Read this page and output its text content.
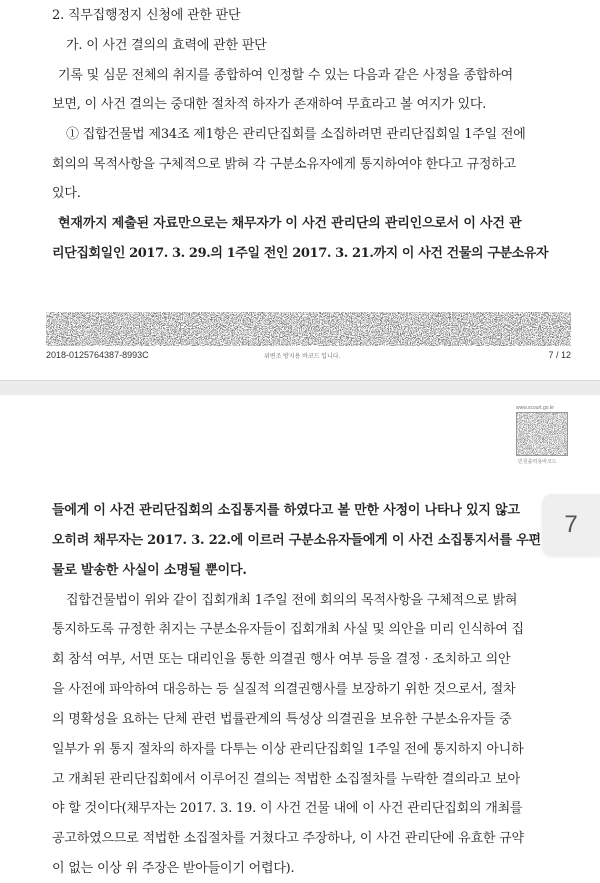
2. 직무집행정지 신청에 관한 판단
가. 이 사건 결의의 효력에 관한 판단
기록 및 심문 전체의 취지를 종합하여 인정할 수 있는 다음과 같은 사정을 종합하여
보면, 이 사건 결의는 중대한 절차적 하자가 존재하여 무효라고 볼 여지가 있다.
① 집합건물법 제34조 제1항은 관리단집회를 소집하려면 관리단집회일 1주일 전에
회의의 목적사항을 구체적으로 밝혀 각 구분소유자에게 통지하여야 한다고 규정하고
있다.
현재까지 제출된 자료만으로는 채무자가 이 사건 관리단의 관리인으로서 이 사건 관
리단집회일인 2017. 3. 29.의 1주일 전인 2017. 3. 21.까지 이 사건 건물의 구분소유자
2018-0125764387-8993C	위변조 방지용 바코드 입니다.	7 / 12
www.scourt.go.kr
민원출력용바코드
들에게 이 사건 관리단집회의 소집통지를 하였다고 볼 만한 사정이 나타나 있지 않고
오히려 채무자는 2017. 3. 22.에 이르러 구분소유자들에게 이 사건 소집통지서를 우편
물로 발송한 사실이 소명될 뿐이다.
집합건물법이 위와 같이 집회개최 1주일 전에 회의의 목적사항을 구체적으로 밝혀
통지하도록 규정한 취지는 구분소유자들이 집회개최 사실 및 의안을 미리 인식하여 집
회 참석 여부, 서면 또는 대리인을 통한 의결권 행사 여부 등을 결정 · 조치하고 의안
을 사전에 파악하여 대응하는 등 실질적 의결권행사를 보장하기 위한 것으로서, 절차
의 명확성을 요하는 단체 관련 법률관계의 특성상 의결권을 보유한 구분소유자들 중
일부가 위 통지 절차의 하자를 다투는 이상 관리단집회일 1주일 전에 통지하지 아니하
고 개최된 관리단집회에서 이루어진 결의는 적법한 소집절차를 누락한 결의라고 보아
야 할 것이다(채무자는 2017. 3. 19. 이 사건 건물 내에 이 사건 관리단집회의 개최를
공고하였으므로 적법한 소집절차를 거쳤다고 주장하나, 이 사건 관리단에 유효한 규약
이 없는 이상 위 주장은 받아들이기 어렵다).
7
